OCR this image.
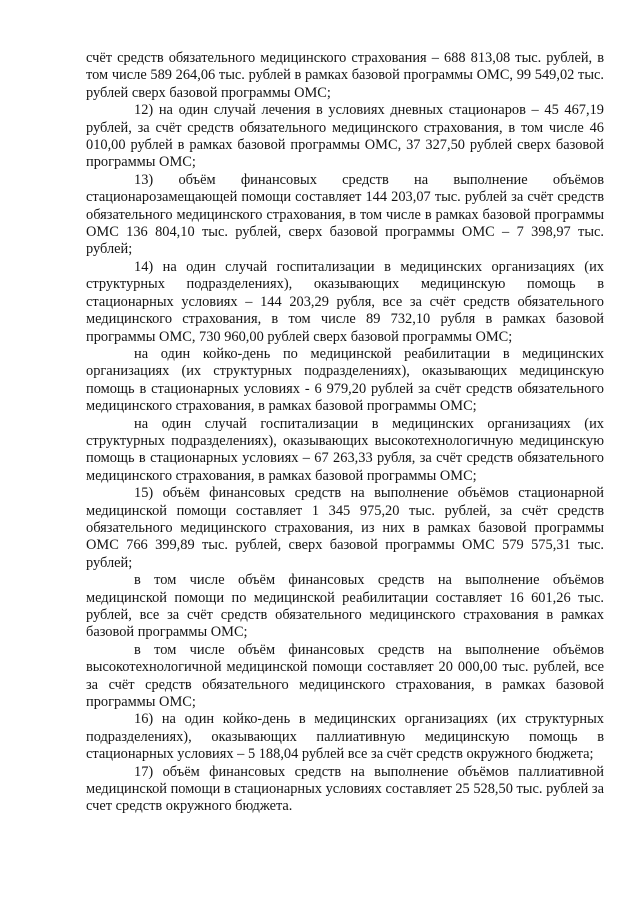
счёт средств обязательного медицинского страхования – 688 813,08 тыс. рублей, в том числе 589 264,06 тыс. рублей в рамках базовой программы ОМС, 99 549,02 тыс. рублей сверх базовой программы ОМС;

12) на один случай лечения в условиях дневных стационаров – 45 467,19 рублей, за счёт средств обязательного медицинского страхования, в том числе 46 010,00 рублей в рамках базовой программы ОМС, 37 327,50 рублей сверх базовой программы ОМС;

13) объём финансовых средств на выполнение объёмов стационарозамещающей помощи составляет 144 203,07 тыс. рублей за счёт средств обязательного медицинского страхования, в том числе в рамках базовой программы ОМС 136 804,10 тыс. рублей, сверх базовой программы ОМС – 7 398,97 тыс. рублей;

14) на один случай госпитализации в медицинских организациях (их структурных подразделениях), оказывающих медицинскую помощь в стационарных условиях – 144 203,29 рубля, все за счёт средств обязательного медицинского страхования, в том числе 89 732,10 рубля в рамках базовой программы ОМС, 730 960,00 рублей сверх базовой программы ОМС;

на один койко-день по медицинской реабилитации в медицинских организациях (их структурных подразделениях), оказывающих медицинскую помощь в стационарных условиях - 6 979,20 рублей за счёт средств обязательного медицинского страхования, в рамках базовой программы ОМС;

на один случай госпитализации в медицинских организациях (их структурных подразделениях), оказывающих высокотехнологичную медицинскую помощь в стационарных условиях – 67 263,33 рубля, за счёт средств обязательного медицинского страхования, в рамках базовой программы ОМС;

15) объём финансовых средств на выполнение объёмов стационарной медицинской помощи составляет 1 345 975,20 тыс. рублей, за счёт средств обязательного медицинского страхования, из них в рамках базовой программы ОМС 766 399,89 тыс. рублей, сверх базовой программы ОМС 579 575,31 тыс. рублей;

в том числе объём финансовых средств на выполнение объёмов медицинской помощи по медицинской реабилитации составляет 16 601,26 тыс. рублей, все за счёт средств обязательного медицинского страхования в рамках базовой программы ОМС;

в том числе объём финансовых средств на выполнение объёмов высокотехнологичной медицинской помощи составляет 20 000,00 тыс. рублей, все за счёт средств обязательного медицинского страхования, в рамках базовой программы ОМС;

16) на один койко-день в медицинских организациях (их структурных подразделениях), оказывающих паллиативную медицинскую помощь в стационарных условиях – 5 188,04 рублей все за счёт средств окружного бюджета;

17) объём финансовых средств на выполнение объёмов паллиативной медицинской помощи в стационарных условиях составляет 25 528,50 тыс. рублей за счет средств окружного бюджета.
